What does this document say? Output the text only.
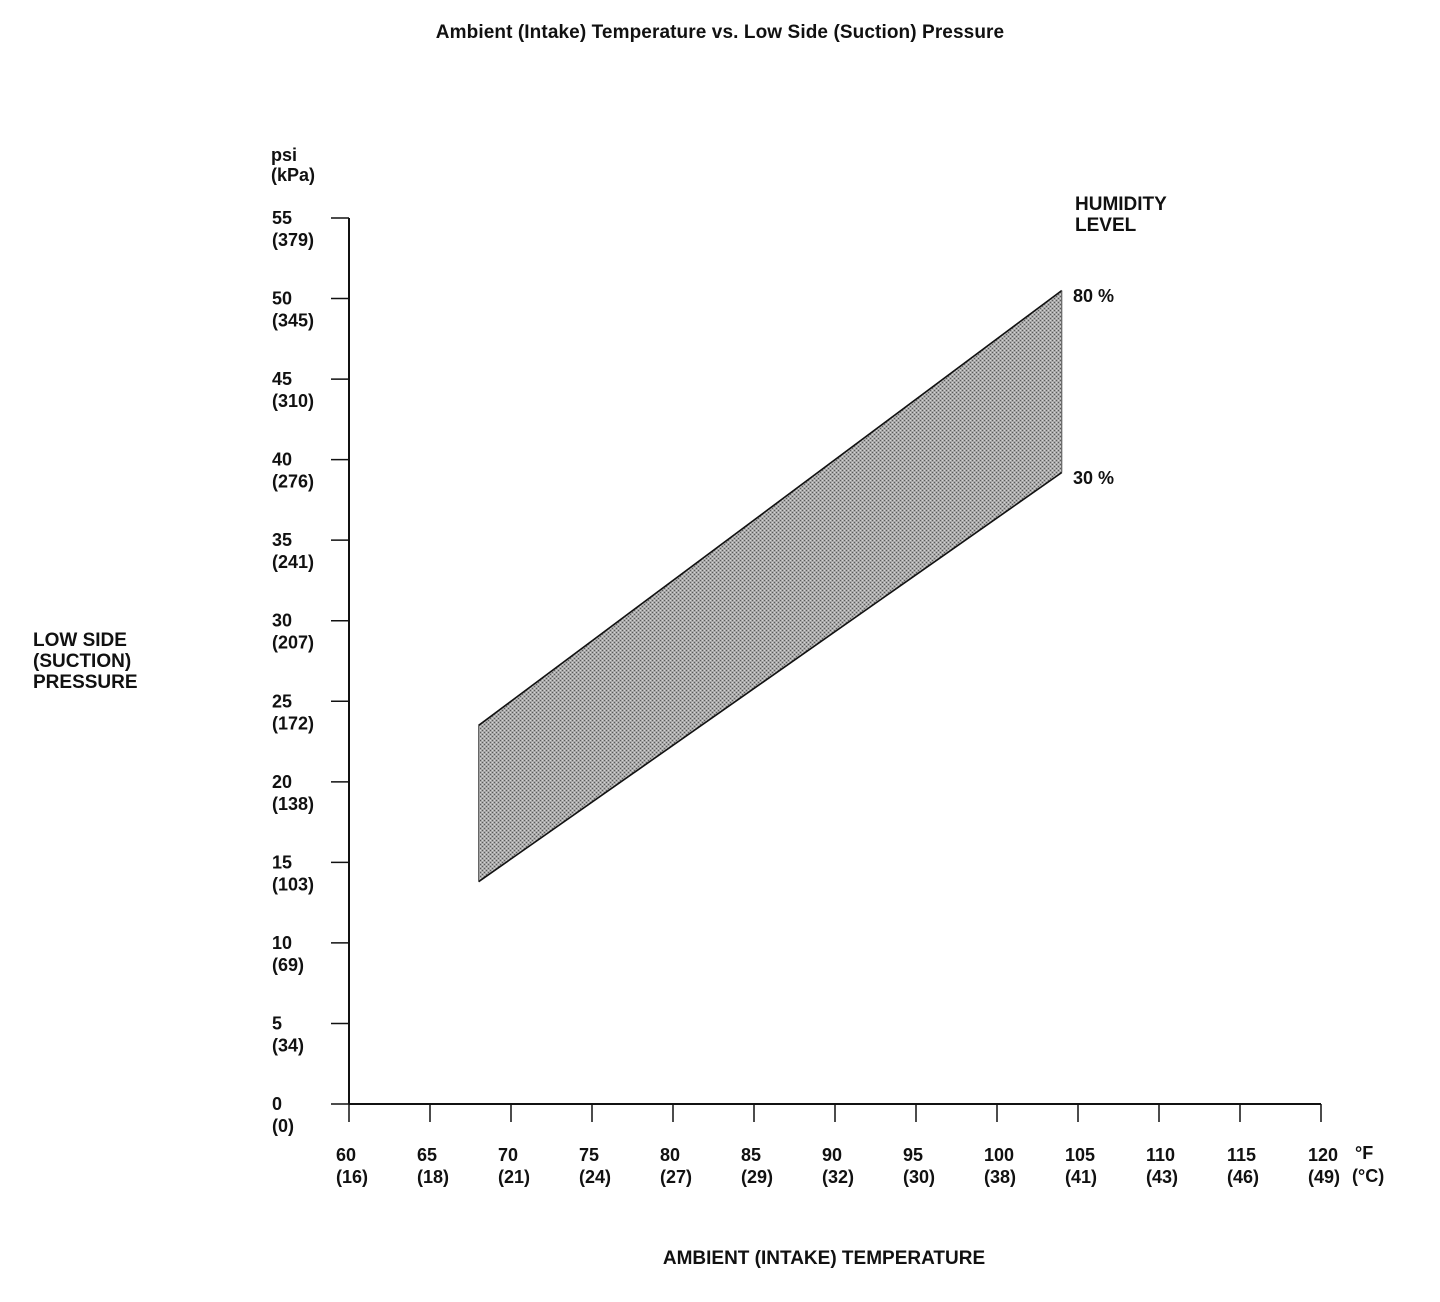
Ambient (Intake) Temperature vs. Low Side (Suction) Pressure
psi
(kPa)
LOW SIDE
(SUCTION)
PRESSURE
HUMIDITY
LEVEL
80 %
30 %
°F
(°C)
AMBIENT (INTAKE) TEMPERATURE
0
(0)
5
(34)
10
(69)
15
(103)
20
(138)
25
(172)
30
(207)
35
(241)
40
(276)
45
(310)
50
(345)
55
(379)
60
(16)
65
(18)
70
(21)
75
(24)
80
(27)
85
(29)
90
(32)
95
(30)
100
(38)
105
(41)
110
(43)
115
(46)
120
(49)
